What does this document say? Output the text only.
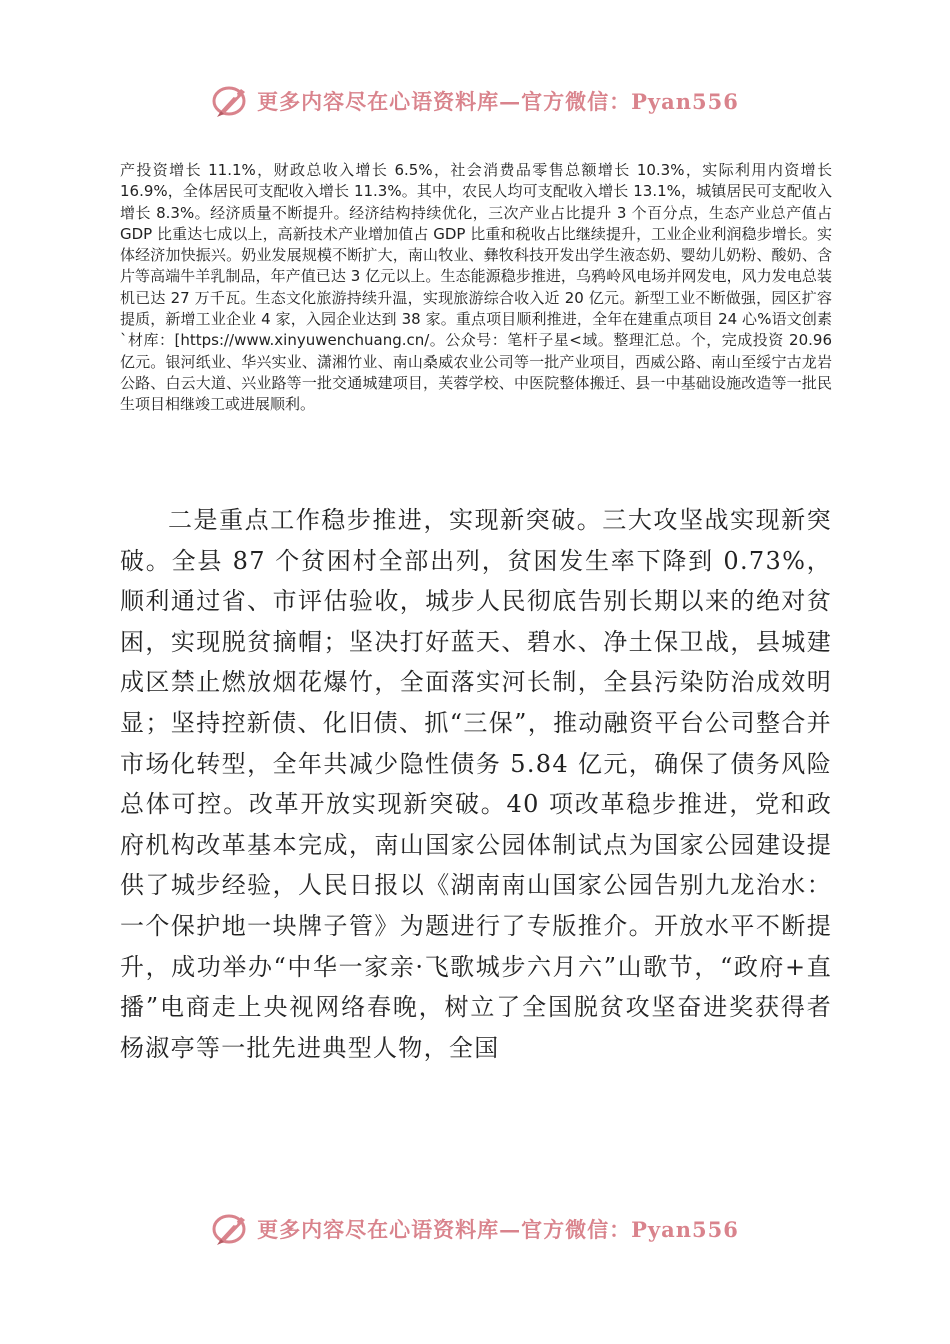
更多内容尽在心语资料库—官方微信：Pyan556

产投资增长 11.1%，财政总收入增长 6.5%，社会消费品零售总额增长 10.3%，实际利用内资增长 16.9%，全体居民可支配收入增长 11.3%。其中，农民人均可支配收入增长 13.1%，城镇居民可支配收入增长 8.3%。经济质量不断提升。经济结构持续优化，三次产业占比提升 3 个百分点，生态产业总产值占 GDP 比重达七成以上，高新技术产业增加值占 GDP 比重和税收占比继续提升，工业企业利润稳步增长。实体经济加快振兴。奶业发展规模不断扩大，南山牧业、彝牧科技开发出学生液态奶、婴幼儿奶粉、酸奶、含片等高端牛羊乳制品，年产值已达 3 亿元以上。生态能源稳步推进，乌鸦岭风电场并网发电，风力发电总装机已达 27 万千瓦。生态文化旅游持续升温，实现旅游综合收入近 20 亿元。新型工业不断做强，园区扩容提质，新增工业企业 4 家，入园企业达到 38 家。重点项目顺利推进，全年在建重点项目 24 心%语文创素`材库：[https://www.xinyuwenchuang.cn/。公众号：笔杆子星<域。整理汇总。个，完成投资 20.96 亿元。银河纸业、华兴实业、潇湘竹业、南山桑威农业公司等一批产业项目，西威公路、南山至绥宁古龙岩公路、白云大道、兴业路等一批交通城建项目，芙蓉学校、中医院整体搬迁、县一中基础设施改造等一批民生项目相继竣工或进展顺利。

二是重点工作稳步推进，实现新突破。三大攻坚战实现新突破。全县 87 个贫困村全部出列，贫困发生率下降到 0.73%，顺利通过省、市评估验收，城步人民彻底告别长期以来的绝对贫困，实现脱贫摘帽；坚决打好蓝天、碧水、净土保卫战，县城建成区禁止燃放烟花爆竹，全面落实河长制，全县污染防治成效明显；坚持控新债、化旧债、抓“三保”，推动融资平台公司整合并市场化转型，全年共减少隐性债务 5.84 亿元，确保了债务风险总体可控。改革开放实现新突破。40 项改革稳步推进，党和政府机构改革基本完成，南山国家公园体制试点为国家公园建设提供了城步经验，人民日报以《湖南南山国家公园告别九龙治水：一个保护地一块牌子管》为题进行了专版推介。开放水平不断提升，成功举办“中华一家亲·飞歌城步六月六”山歌节，“政府+直播”电商走上央视网络春晚，树立了全国脱贫攻坚奋进奖获得者杨淑亭等一批先进典型人物，全国

更多内容尽在心语资料库—官方微信：Pyan556
